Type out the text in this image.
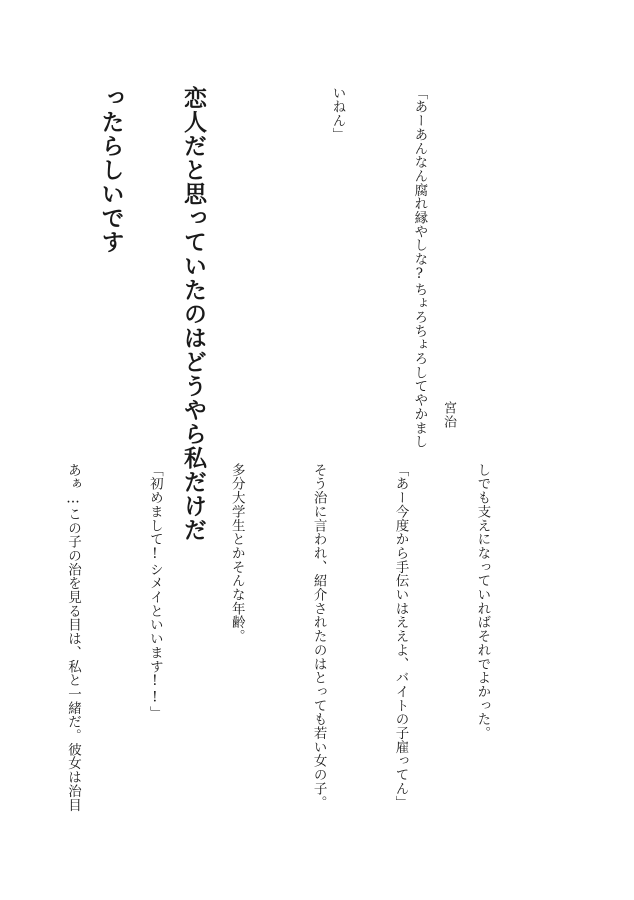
「あーあんなん腐れ縁やしな?ちょろちょろしてやかまし

いねん」

恋人だと思っていたのはどうやら私だけだ

ったらしいです

宮治

しでも支えになっていればそれでよかった。

「あー今度から手伝いはええよ、バイトの子雇ってん」

そう治に言われ、紹介されたのはとっても若い女の子。

多分大学生とかそんな年齢。

「初めまして!シメイといいます!!」

あぁ…この子の治を見る目は、私と一緒だ。彼女は治目
